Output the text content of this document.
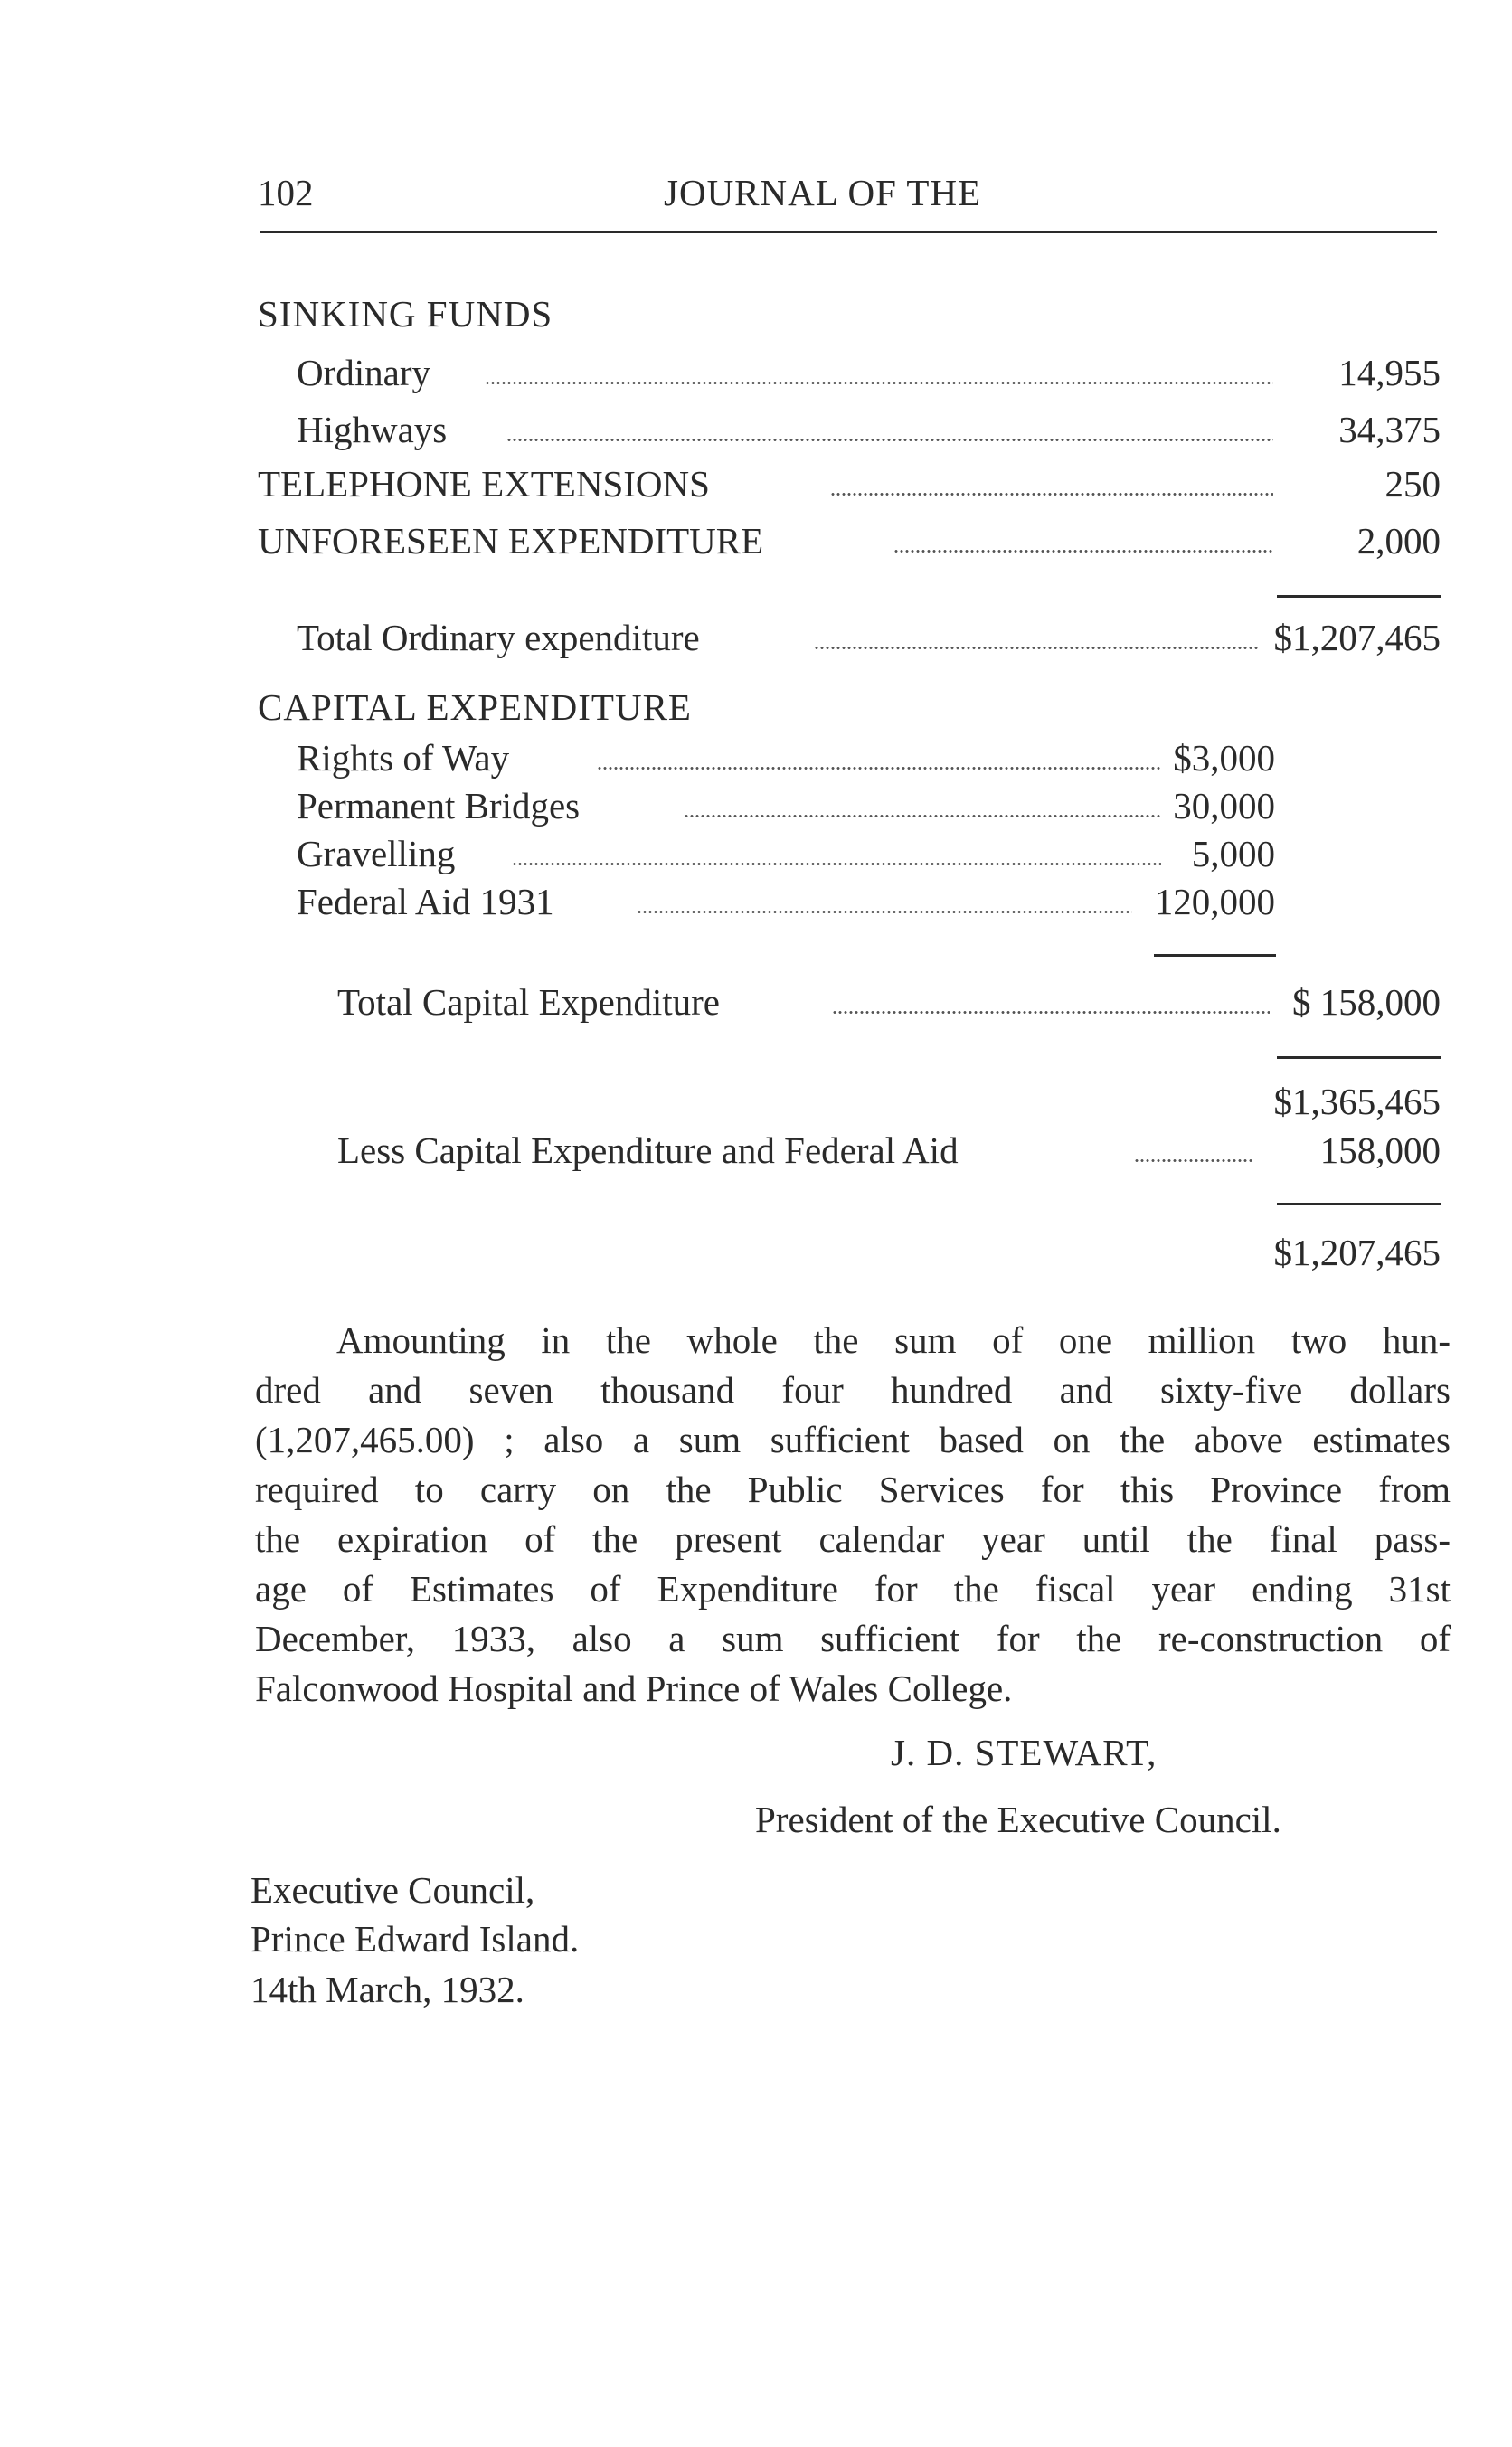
102	JOURNAL OF THE
SINKING FUNDS
Ordinary	14,955
Highways	34,375
TELEPHONE EXTENSIONS	250
UNFORESEEN EXPENDITURE	2,000
Total Ordinary expenditure	$1,207,465
CAPITAL EXPENDITURE
Rights of Way	$3,000
Permanent Bridges	30,000
Gravelling	5,000
Federal Aid 1931	120,000
Total Capital Expenditure	$ 158,000
$1,365,465
Less Capital Expenditure and Federal Aid	158,000
$1,207,465
Amounting in the whole the sum of one million two hun-
dred and seven thousand four hundred and sixty-five dollars
(1,207,465.00) ; also a sum sufficient based on the above estimates
required to carry on the Public Services for this Province from
the expiration of the present calendar year until the final pass-
age of Estimates of Expenditure for the fiscal year ending 31st
December, 1933, also a sum sufficient for the re-construction of
Falconwood Hospital and Prince of Wales College.
J. D. STEWART,
President of the Executive Council.
Executive Council,
Prince Edward Island.
14th March, 1932.
